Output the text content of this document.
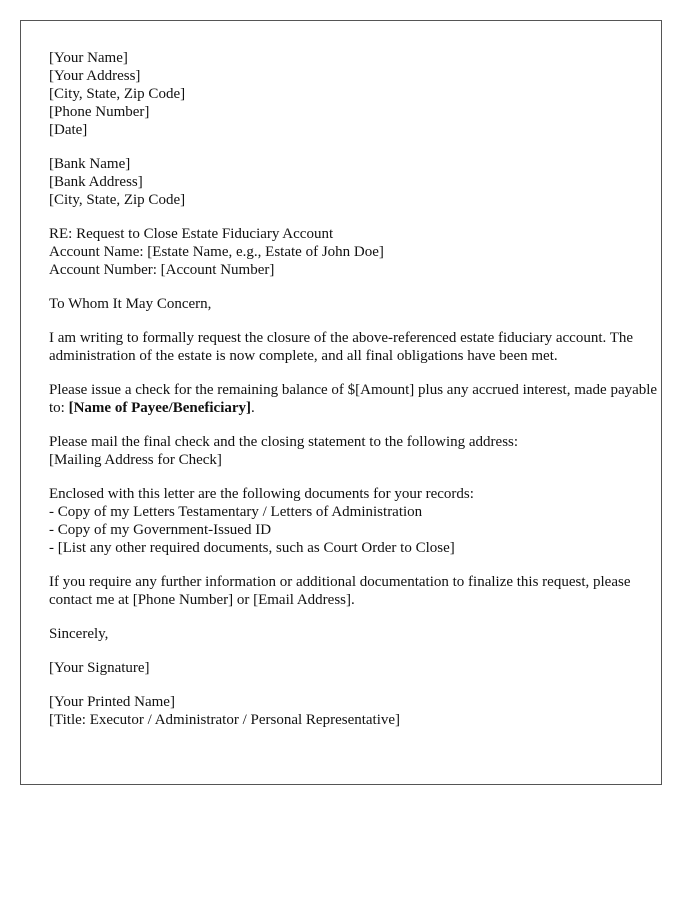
[Your Name]
[Your Address]
[City, State, Zip Code]
[Phone Number]
[Date]

[Bank Name]
[Bank Address]
[City, State, Zip Code]

RE: Request to Close Estate Fiduciary Account
Account Name: [Estate Name, e.g., Estate of John Doe]
Account Number: [Account Number]

To Whom It May Concern,

I am writing to formally request the closure of the above-referenced estate fiduciary account. The administration of the estate is now complete, and all final obligations have been met.

Please issue a check for the remaining balance of $[Amount] plus any accrued interest, made payable to: [Name of Payee/Beneficiary].

Please mail the final check and the closing statement to the following address:
[Mailing Address for Check]

Enclosed with this letter are the following documents for your records:
- Copy of my Letters Testamentary / Letters of Administration
- Copy of my Government-Issued ID
- [List any other required documents, such as Court Order to Close]

If you require any further information or additional documentation to finalize this request, please contact me at [Phone Number] or [Email Address].

Sincerely,

[Your Signature]

[Your Printed Name]
[Title: Executor / Administrator / Personal Representative]
